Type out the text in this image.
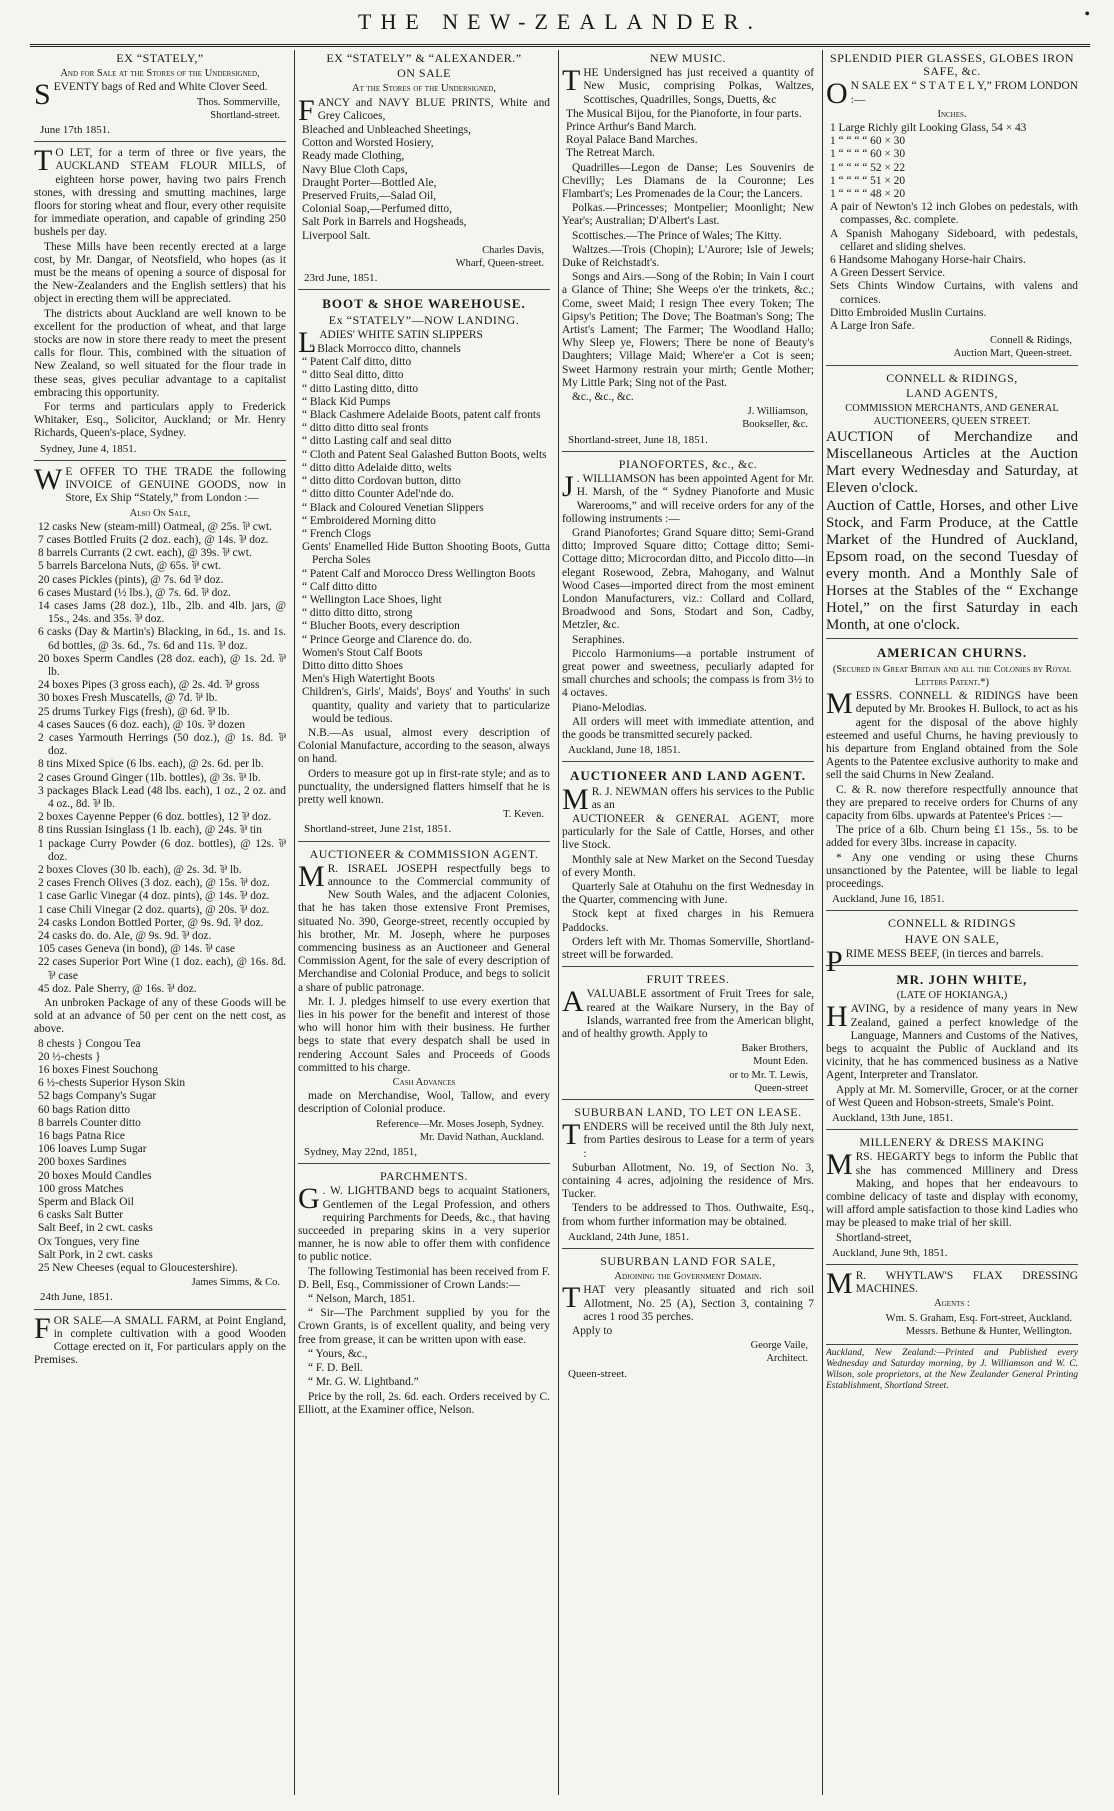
THE NEW-ZEALANDER.	•
EX “STATELY,”
And for Sale at the Stores of the Undersigned,
SEVENTY bags of Red and White Clover Seed.
Thos. Sommerville,
Shortland-street.
June 17th 1851.
T O LET, for a term of three or five years, the AUCKLAND STEAM FLOUR MILLS, of eighteen horse power, having two pairs French stones, with dressing and smutting machines, large floors for storing wheat and flour, every other requisite for immediate operation, and capable of grinding 250 bushels per day.
These Mills have been recently erected at a large cost, by Mr. Dangar, of Neotsfield, who hopes (as it must be the means of opening a source of disposal for the New-Zealanders and the English settlers) that his object in erecting them will be appreciated.
The districts about Auckland are well known to be excellent for the production of wheat, and that large stocks are now in store there ready to meet the present calls for flour. This, combined with the situation of New Zealand, so well situated for the flour trade in these seas, gives peculiar advantage to a capitalist embracing this opportunity.
For terms and particulars apply to Frederick Whitaker, Esq., Solicitor, Auckland; or Mr. Henry Richards, Queen's-place, Sydney.
Sydney, June 4, 1851.
W E OFFER TO THE TRADE the following INVOICE of GENUINE GOODS, now in Store, Ex Ship “Stately,” from London :—
Also On Sale,
12 casks New (steam-mill) Oatmeal, @ 25s. ⅌ cwt.
7 cases Bottled Fruits (2 doz. each), @ 14s. ⅌ doz.
8 barrels Currants (2 cwt. each), @ 39s. ⅌ cwt.
5 barrels Barcelona Nuts, @ 65s. ⅌ cwt.
20 cases Pickles (pints), @ 7s. 6d ⅌ doz.
6 cases Mustard (½ lbs.), @ 7s. 6d. ⅌ doz.
14 cases Jams (28 doz.), 1lb., 2lb. and 4lb. jars, @ 15s., 24s. and 35s. ⅌ doz.
6 casks (Day & Martin's) Blacking, in 6d., 1s. and 1s. 6d bottles, @ 3s. 6d., 7s. 6d and 11s. ⅌ doz.
20 boxes Sperm Candles (28 doz. each), @ 1s. 2d. ⅌ lb.
24 boxes Pipes (3 gross each), @ 2s. 4d. ⅌ gross
30 boxes Fresh Muscatells, @ 7d. ⅌ lb.
25 drums Turkey Figs (fresh), @ 6d. ⅌ lb.
4 cases Sauces (6 doz. each), @ 10s. ⅌ dozen
2 cases Yarmouth Herrings (50 doz.), @ 1s. 8d. ⅌ doz.
8 tins Mixed Spice (6 lbs. each), @ 2s. 6d. per lb.
2 cases Ground Ginger (1lb. bottles), @ 3s. ⅌ lb.
3 packages Black Lead (48 lbs. each), 1 oz., 2 oz. and 4 oz., 8d. ⅌ lb.
2 boxes Cayenne Pepper (6 doz. bottles), 12 ⅌ doz.
8 tins Russian Isinglass (1 lb. each), @ 24s. ⅌ tin
1 package Curry Powder (6 doz. bottles), @ 12s. ⅌ doz.
2 boxes Cloves (30 lb. each), @ 2s. 3d. ⅌ lb.
2 cases French Olives (3 doz. each), @ 15s. ⅌ doz.
1 case Garlic Vinegar (4 doz. pints), @ 14s. ⅌ doz.
1 case Chili Vinegar (2 doz. quarts), @ 20s. ⅌ doz.
24 casks London Bottled Porter, @ 9s. 9d. ⅌ doz.
24 casks do. do. Ale, @ 9s. 9d. ⅌ doz.
105 cases Geneva (in bond), @ 14s. ⅌ case
22 cases Superior Port Wine (1 doz. each), @ 16s. 8d. ⅌ case
45 doz. Pale Sherry, @ 16s. ⅌ doz.
An unbroken Package of any of these Goods will be sold at an advance of 50 per cent on the nett cost, as above.
8 chests } Congou Tea
20 ½-chests }
16 boxes Finest Souchong
6 ½-chests Superior Hyson Skin
52 bags Company's Sugar
60 bags Ration ditto
8 barrels Counter ditto
16 bags Patna Rice
106 loaves Lump Sugar
200 boxes Sardines
20 boxes Mould Candles
100 gross Matches
Sperm and Black Oil
6 casks Salt Butter
Salt Beef, in 2 cwt. casks
Ox Tongues, very fine
Salt Pork, in 2 cwt. casks
25 New Cheeses (equal to Gloucestershire).
James Simms, & Co.
24th June, 1851.
FOR SALE—A SMALL FARM, at Point England, in complete cultivation with a good Wooden Cottage erected on it, For particulars apply on the Premises.
EX “STATELY” & “ALEXANDER.”
ON SALE
At the Stores of the Undersigned,
FANCY and NAVY BLUE PRINTS, White and Grey Calicoes,
Bleached and Unbleached Sheetings,
Cotton and Worsted Hosiery,
Ready made Clothing,
Navy Blue Cloth Caps,
Draught Porter—Bottled Ale,
Preserved Fruits,—Salad Oil,
Colonial Soap,—Perfumed ditto,
Salt Pork in Barrels and Hogsheads,
Liverpool Salt.
Charles Davis,
Wharf, Queen-street.
23rd June, 1851.
BOOT & SHOE WAREHOUSE.
Ex “STATELY”—NOW LANDING.
LADIES' WHITE SATIN SLIPPERS
“ Black Morrocco ditto, channels
“ Patent Calf ditto, ditto
“ ditto Seal ditto, ditto
“ ditto Lasting ditto, ditto
“ Black Kid Pumps
“ Black Cashmere Adelaide Boots, patent calf fronts
“ ditto ditto ditto seal fronts
“ ditto Lasting calf and seal ditto
“ Cloth and Patent Seal Galashed Button Boots, welts
“ ditto ditto Adelaide ditto, welts
“ ditto ditto Cordovan button, ditto
“ ditto ditto Counter Adel'nde do.
“ Black and Coloured Venetian Slippers
“ Embroidered Morning ditto
“ French Clogs
Gents' Enamelled Hide Button Shooting Boots, Gutta Percha Soles
“ Patent Calf and Morocco Dress Wellington Boots
“ Calf ditto ditto
“ Wellington Lace Shoes, light
“ ditto ditto ditto, strong
“ Blucher Boots, every description
“ Prince George and Clarence do. do.
Women's Stout Calf Boots
Ditto ditto ditto Shoes
Men's High Watertight Boots
Children's, Girls', Maids', Boys' and Youths' in such quantity, quality and variety that to particularize would be tedious.
N.B.—As usual, almost every description of Colonial Manufacture, according to the season, always on hand.
Orders to measure got up in first-rate style; and as to punctuality, the undersigned flatters himself that he is pretty well known.
T. Keven.
Shortland-street, June 21st, 1851.
AUCTIONEER & COMMISSION AGENT.
M R. ISRAEL JOSEPH respectfully begs to announce to the Commercial community of New South Wales, and the adjacent Colonies, that he has taken those extensive Front Premises, situated No. 390, George-street, recently occupied by his brother, Mr. M. Joseph, where he purposes commencing business as an Auctioneer and General Commission Agent, for the sale of every description of Merchandise and Colonial Produce, and begs to solicit a share of public patronage.
Mr. I. J. pledges himself to use every exertion that lies in his power for the benefit and interest of those who will honor him with their business. He further begs to state that every despatch shall be used in rendering Account Sales and Proceeds of Goods committed to his charge.
Cash Advances
made on Merchandise, Wool, Tallow, and every description of Colonial produce.
Reference—Mr. Moses Joseph, Sydney.
Mr. David Nathan, Auckland.
Sydney, May 22nd, 1851,
PARCHMENTS.
G . W. LIGHTBAND begs to acquaint Stationers, Gentlemen of the Legal Profession, and others requiring Parchments for Deeds, &c., that having succeeded in preparing skins in a very superior manner, he is now able to offer them with confidence to public notice.
The following Testimonial has been received from F. D. Bell, Esq., Commissioner of Crown Lands:—
“ Nelson, March, 1851.
“ Sir—The Parchment supplied by you for the Crown Grants, is of excellent quality, and being very free from grease, it can be written upon with ease.
“ Yours, &c.,
“ F. D. Bell.
“ Mr. G. W. Lightband.”
Price by the roll, 2s. 6d. each. Orders received by C. Elliott, at the Examiner office, Nelson.
NEW MUSIC.
THE Undersigned has just received a quantity of New Music, comprising Polkas, Waltzes, Scottisches, Quadrilles, Songs, Duetts, &c
The Musical Bijou, for the Pianoforte, in four parts.
Prince Arthur's Band March.
Royal Palace Band Marches.
The Retreat March.
Quadrilles—Legon de Danse; Les Souvenirs de Chevilly; Les Diamans de la Couronne; Les Flambart's; Les Promenades de la Cour; the Lancers.
Polkas.—Princesses; Montpelier; Moonlight; New Year's; Australian; D'Albert's Last.
Scottisches.—The Prince of Wales; The Kitty.
Waltzes.—Trois (Chopin); L'Aurore; Isle of Jewels; Duke of Reichstadt's.
Songs and Airs.—Song of the Robin; In Vain I court a Glance of Thine; She Weeps o'er the trinkets, &c.; Come, sweet Maid; I resign Thee every Token; The Gipsy's Petition; The Dove; The Boatman's Song; The Artist's Lament; The Farmer; The Woodland Hallo; Why Sleep ye, Flowers; There be none of Beauty's Daughters; Village Maid; Where'er a Cot is seen; Sweet Harmony restrain your mirth; Gentle Mother; My Little Park; Sing not of the Past.
&c., &c., &c.
J. Williamson,
Bookseller, &c.
Shortland-street, June 18, 1851.
PIANOFORTES, &c., &c.
J . WILLIAMSON has been appointed Agent for Mr. H. Marsh, of the “ Sydney Pianoforte and Music Warerooms,” and will receive orders for any of the following instruments :—
Grand Pianofortes; Grand Square ditto; Semi-Grand ditto; Improved Square ditto; Cottage ditto; Semi-Cottage ditto; Microcordan ditto, and Piccolo ditto—in elegant Rosewood, Zebra, Mahogany, and Walnut Wood Cases—imported direct from the most eminent London Manufacturers, viz.: Collard and Collard, Broadwood and Sons, Stodart and Son, Cadby, Metzler, &c.
Seraphines.
Piccolo Harmoniums—a portable instrument of great power and sweetness, peculiarly adapted for small churches and schools; the compass is from 3½ to 4 octaves.
Piano-Melodias.
All orders will meet with immediate attention, and the goods be transmitted securely packed.
Auckland, June 18, 1851.
AUCTIONEER AND LAND AGENT.
M R. J. NEWMAN offers his services to the Public as an
AUCTIONEER & GENERAL AGENT, more particularly for the Sale of Cattle, Horses, and other live Stock.
Monthly sale at New Market on the Second Tuesday of every Month.
Quarterly Sale at Otahuhu on the first Wednesday in the Quarter, commencing with June.
Stock kept at fixed charges in his Remuera Paddocks.
Orders left with Mr. Thomas Somerville, Shortland-street will be forwarded.
FRUIT TREES.
A VALUABLE assortment of Fruit Trees for sale, reared at the Waikare Nursery, in the Bay of Islands, warranted free from the American blight, and of healthy growth. Apply to
Baker Brothers,
Mount Eden.
or to Mr. T. Lewis,
Queen-street
SUBURBAN LAND, TO LET ON LEASE.
TENDERS will be received until the 8th July next, from Parties desirous to Lease for a term of years :
Suburban Allotment, No. 19, of Section No. 3, containing 4 acres, adjoining the residence of Mrs. Tucker.
Tenders to be addressed to Thos. Outhwaite, Esq., from whom further information may be obtained.
Auckland, 24th June, 1851.
SUBURBAN LAND FOR SALE,
Adjoining the Government Domain.
THAT very pleasantly situated and rich soil Allotment, No. 25 (A), Section 3, containing 7 acres 1 rood 35 perches.
Apply to
George Vaile,
Architect.
Queen-street.
SPLENDID PIER GLASSES, GLOBES IRON SAFE, &c.
O N SALE EX “ S T A T E L Y,” FROM LONDON :—
Inches.
1 Large Richly gilt Looking Glass, 54 × 43
1 “ “ “ “ 60 × 30
1 “ “ “ “ 60 × 30
1 “ “ “ “ 52 × 22
1 “ “ “ “ 51 × 20
1 “ “ “ “ 48 × 20
A pair of Newton's 12 inch Globes on pedestals, with compasses, &c. complete.
A Spanish Mahogany Sideboard, with pedestals, cellaret and sliding shelves.
6 Handsome Mahogany Horse-hair Chairs.
A Green Dessert Service.
Sets Chints Window Curtains, with valens and cornices.
Ditto Embroided Muslin Curtains.
A Large Iron Safe.
Connell & Ridings,
Auction Mart, Queen-street.
CONNELL & RIDINGS,
LAND AGENTS,
COMMISSION MERCHANTS, AND GENERAL AUCTIONEERS, QUEEN STREET.
AUCTION of Merchandize and Miscellaneous Articles at the Auction Mart every Wednesday and Saturday, at Eleven o'clock.
Auction of Cattle, Horses, and other Live Stock, and Farm Produce, at the Cattle Market of the Hundred of Auckland, Epsom road, on the second Tuesday of every month. And a Monthly Sale of Horses at the Stables of the “ Exchange Hotel,” on the first Saturday in each Month, at one o'clock.
AMERICAN CHURNS.
(Secured in Great Britain and all the Colonies by Royal Letters Patent.*)
MESSRS. CONNELL & RIDINGS have been deputed by Mr. Brookes H. Bullock, to act as his agent for the disposal of the above highly esteemed and useful Churns, he having previously to his departure from England obtained from the Sole Agents to the Patentee exclusive authority to make and sell the said Churns in New Zealand.
C. & R. now therefore respectfully announce that they are prepared to receive orders for Churns of any capacity from 6lbs. upwards at Patentee's Prices :—
The price of a 6lb. Churn being £1 15s., 5s. to be added for every 3lbs. increase in capacity.
* Any one vending or using these Churns unsanctioned by the Patentee, will be liable to legal proceedings.
Auckland, June 16, 1851.
CONNELL & RIDINGS
HAVE ON SALE,
PRIME MESS BEEF, (in tierces and barrels.
MR. JOHN WHITE,
(LATE OF HOKIANGA,)
HAVING, by a residence of many years in New Zealand, gained a perfect knowledge of the Language, Manners and Customs of the Natives, begs to acquaint the Public of Auckland and its vicinity, that he has commenced business as a Native Agent, Interpreter and Translator.
Apply at Mr. M. Somerville, Grocer, or at the corner of West Queen and Hobson-streets, Smale's Point.
Auckland, 13th June, 1851.
MILLENERY & DRESS MAKING
MRS. HEGARTY begs to inform the Public that she has commenced Millinery and Dress Making, and hopes that her endeavours to combine delicacy of taste and display with economy, will afford ample satisfaction to those kind Ladies who may be pleased to make trial of her skill.
Shortland-street,
Auckland, June 9th, 1851.
M R. WHYTLAW'S FLAX DRESSING MACHINES.
Agents :
Wm. S. Graham, Esq. Fort-street, Auckland.
Messrs. Bethune & Hunter, Wellington.
Auckland, New Zealand:—Printed and Published every Wednesday and Saturday morning, by J. Williamson and W. C. Wilson, sole proprietors, at the New Zealander General Printing Establishment, Shortland Street.
